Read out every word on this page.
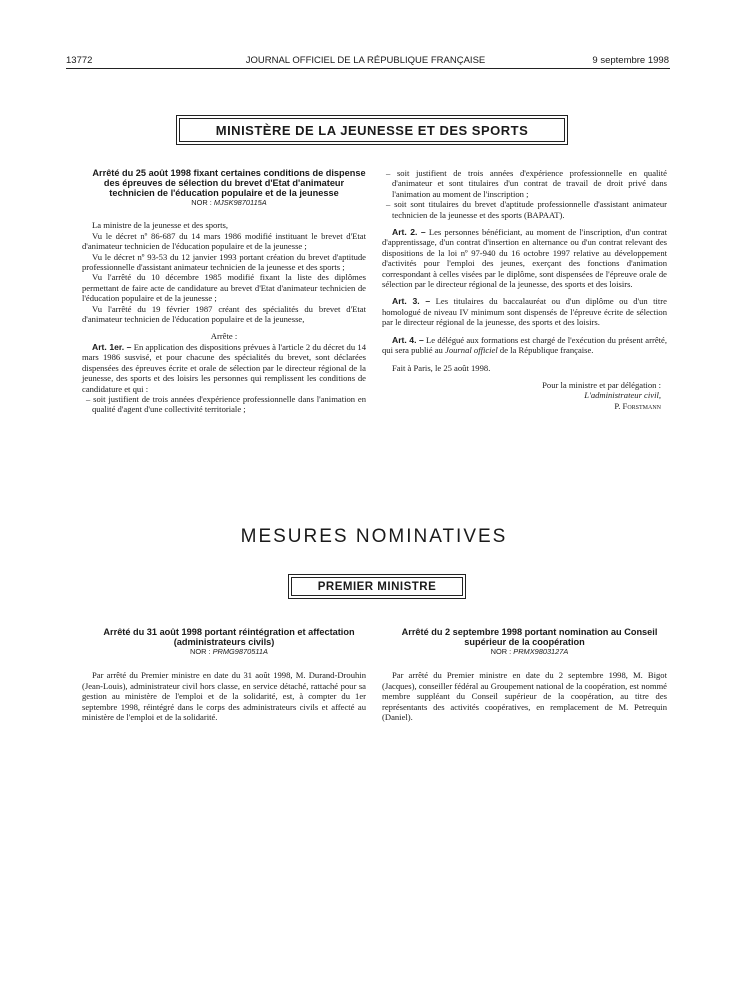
13772	JOURNAL OFFICIEL DE LA RÉPUBLIQUE FRANÇAISE	9 septembre 1998
MINISTÈRE DE LA JEUNESSE ET DES SPORTS

Arrêté du 25 août 1998 fixant certaines conditions de dispense des épreuves de sélection du brevet d'Etat d'animateur technicien de l'éducation populaire et de la jeunesse

NOR : MJSK9870115A

La ministre de la jeunesse et des sports,

Vu le décret nº 86-687 du 14 mars 1986 modifié instituant le brevet d'Etat d'animateur technicien de l'éducation populaire et de la jeunesse ;

Vu le décret nº 93-53 du 12 janvier 1993 portant création du brevet d'aptitude professionnelle d'assistant animateur technicien de la jeunesse et des sports ;

Vu l'arrêté du 10 décembre 1985 modifié fixant la liste des diplômes permettant de faire acte de candidature au brevet d'Etat d'animateur technicien de l'éducation populaire et de la jeunesse ;

Vu l'arrêté du 19 février 1987 créant des spécialités du brevet d'Etat d'animateur technicien de l'éducation populaire et de la jeunesse,

Arrête :

Art. 1er. – En application des dispositions prévues à l'article 2 du décret du 14 mars 1986 susvisé, et pour chacune des spécialités du brevet, sont déclarées dispensées des épreuves écrite et orale de sélection par le directeur régional de la jeunesse, des sports et des loisirs les personnes qui remplissent les conditions de candidature et qui :

– soit justifient de trois années d'expérience professionnelle dans l'animation en qualité d'agent d'une collectivité territoriale ;

– soit justifient de trois années d'expérience professionnelle en qualité d'animateur et sont titulaires d'un contrat de travail de droit privé dans l'animation au moment de l'inscription ;

– soit sont titulaires du brevet d'aptitude professionnelle d'assistant animateur technicien de la jeunesse et des sports (BAPAAT).

Art. 2. – Les personnes bénéficiant, au moment de l'inscription, d'un contrat d'apprentissage, d'un contrat d'insertion en alternance ou d'un contrat relevant des dispositions de la loi nº 97-940 du 16 octobre 1997 relative au développement d'activités pour l'emploi des jeunes, exerçant des fonctions d'animation correspondant à celles visées par le diplôme, sont dispensées de l'épreuve orale de sélection par le directeur régional de la jeunesse, des sports et des loisirs.

Art. 3. – Les titulaires du baccalauréat ou d'un diplôme ou d'un titre homologué de niveau IV minimum sont dispensés de l'épreuve écrite de sélection par le directeur régional de la jeunesse, des sports et des loisirs.

Art. 4. – Le délégué aux formations est chargé de l'exécution du présent arrêté, qui sera publié au Journal officiel de la République française.

Fait à Paris, le 25 août 1998.

Pour la ministre et par délégation :

L'administrateur civil,

P. Forstmann

MESURES NOMINATIVES
PREMIER MINISTRE

Arrêté du 31 août 1998 portant réintégration et affectation (administrateurs civils)

NOR : PRMG9870511A

Par arrêté du Premier ministre en date du 31 août 1998, M. Durand-Drouhin (Jean-Louis), administrateur civil hors classe, en service détaché, rattaché pour sa gestion au ministère de l'emploi et de la solidarité, est, à compter du 1er septembre 1998, réintégré dans le corps des administrateurs civils et affecté au ministère de l'emploi et de la solidarité.

Arrêté du 2 septembre 1998 portant nomination au Conseil supérieur de la coopération

NOR : PRMX9803127A

Par arrêté du Premier ministre en date du 2 septembre 1998, M. Bigot (Jacques), conseiller fédéral au Groupement national de la coopération, est nommé membre suppléant du Conseil supérieur de la coopération, au titre des représentants des activités coopératives, en remplacement de M. Petrequin (Daniel).
